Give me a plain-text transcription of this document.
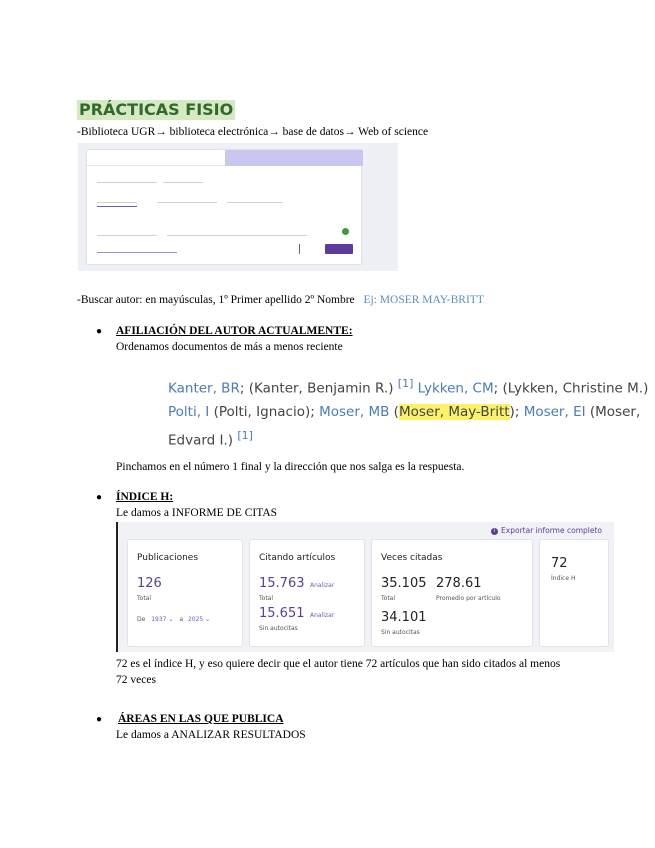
PRÁCTICAS FISIO
-Biblioteca UGR→ biblioteca electrónica→ base de datos→ Web of science
-Buscar autor: en mayúsculas, 1º Primer apellido 2º Nombre Ej: MOSER MAY-BRITT
● AFILIACIÓN DEL AUTOR ACTUALMENTE:
Ordenamos documentos de más a menos reciente
Kanter, BR; (Kanter, Benjamin R.) [1] Lykken, CM; (Lykken, Christine M.)
Polti, I (Polti, Ignacio); Moser, MB (Moser, May-Britt); Moser, EI (Moser,
Edvard I.) [1]
Pinchamos en el número 1 final y la dirección que nos salga es la respuesta.
● ÍNDICE H:
Le damos a INFORME DE CITAS
i Exportar informe completo
Publicaciones
126
Total
De 1937 ⌄ a 2025 ⌄
Citando artículos
15.763 Analizar
Total
15.651 Analizar
Sin autocitas
Veces citadas
35.105
Total
278.61
Promedio por artículo
34.101
Sin autocitas
72
Índice H
72 es el índice H, y eso quiere decir que el autor tiene 72 artículos que han sido citados al menos
72 veces
● ÁREAS EN LAS QUE PUBLICA
Le damos a ANALIZAR RESULTADOS
